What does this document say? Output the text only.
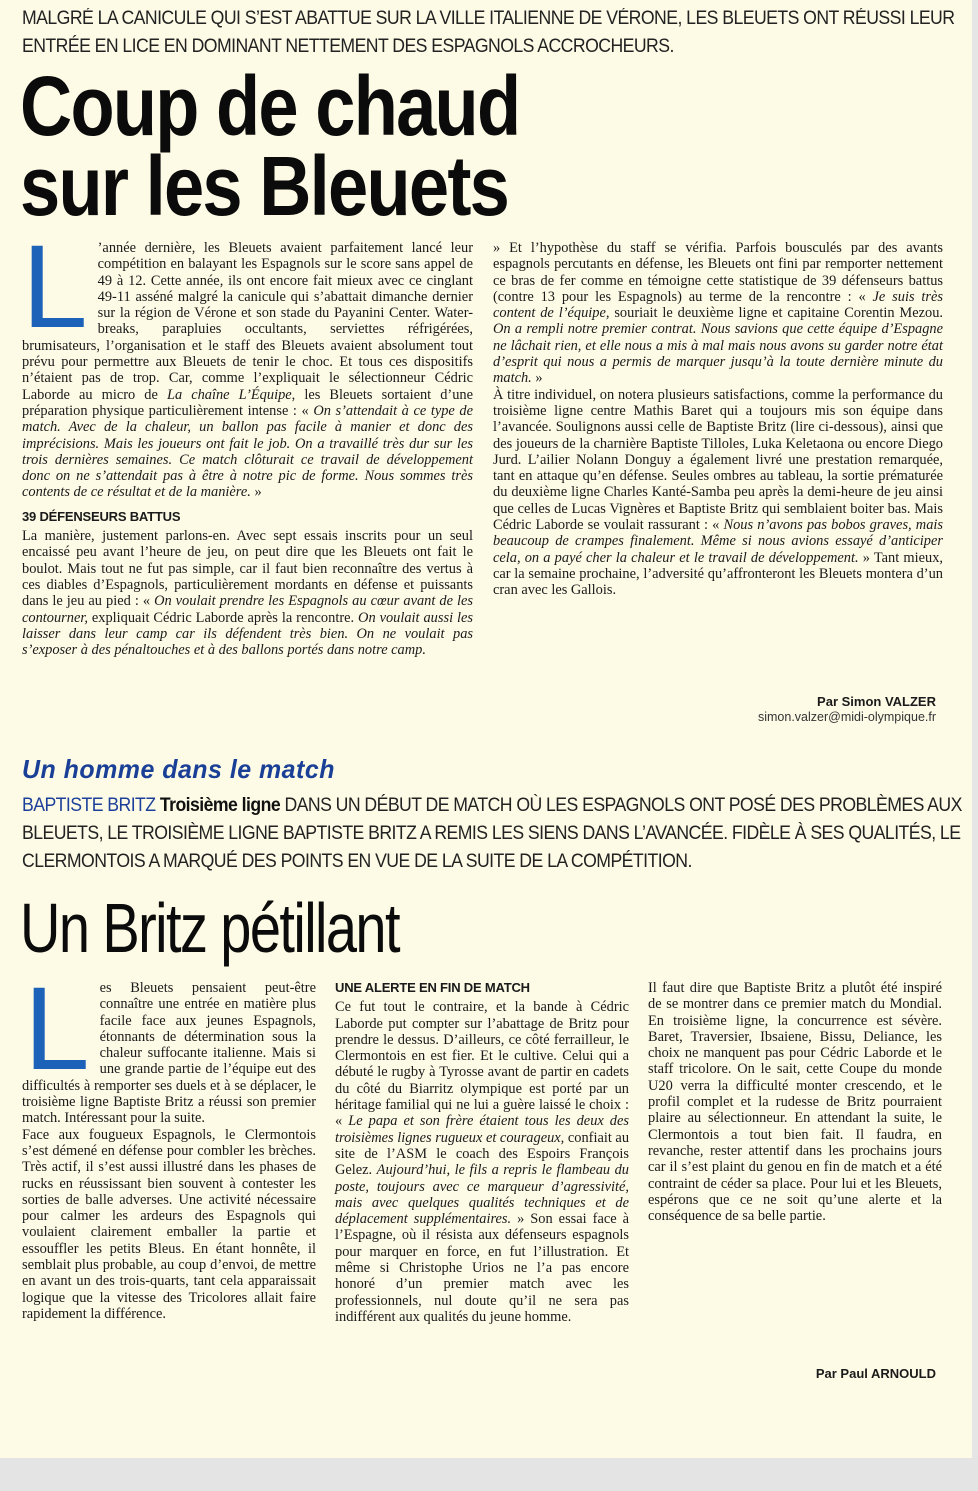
MALGRÉ LA CANICULE QUI S’EST ABATTUE SUR LA VILLE ITALIENNE DE VÉRONE, LES BLEUETS ONT RÉUSSI LEUR
ENTRÉE EN LICE EN DOMINANT NETTEMENT DES ESPAGNOLS ACCROCHEURS.
Coup de chaud
sur les Bleuets

L ’année dernière, les Bleuets avaient parfaitement lancé leur compétition en balayant les Espagnols sur le score sans appel de 49 à 12. Cette année, ils ont encore fait mieux avec ce cinglant 49-11 asséné malgré la canicule qui s’abattait dimanche dernier sur la région de Vérone et son stade du Payanini Center. Water-breaks, parapluies occultants, serviettes réfrigérées, brumisateurs, l’organisation et le staff des Bleuets avaient absolument tout prévu pour permettre aux Bleuets de tenir le choc. Et tous ces dispositifs n’étaient pas de trop. Car, comme l’expliquait le sélectionneur Cédric Laborde au micro de La chaîne L’Équipe, les Bleuets sortaient d’une préparation physique particulièrement intense : « On s’attendait à ce type de match. Avec de la chaleur, un ballon pas facile à manier et donc des imprécisions. Mais les joueurs ont fait le job. On a travaillé très dur sur les trois dernières semaines. Ce match clôturait ce travail de développement donc on ne s’attendait pas à être à notre pic de forme. Nous sommes très contents de ce résultat et de la manière. »

39 DÉFENSEURS BATTUS

La manière, justement parlons-en. Avec sept essais inscrits pour un seul encaissé peu avant l’heure de jeu, on peut dire que les Bleuets ont fait le boulot. Mais tout ne fut pas simple, car il faut bien reconnaître des vertus à ces diables d’Espagnols, particulièrement mordants en défense et puissants dans le jeu au pied : « On voulait prendre les Espagnols au cœur avant de les contourner, expliquait Cédric Laborde après la rencontre. On voulait aussi les laisser dans leur camp car ils défendent très bien. On ne voulait pas s’exposer à des pénaltouches et à des ballons portés dans notre camp.

» Et l’hypothèse du staff se vérifia. Parfois bousculés par des avants espagnols percutants en défense, les Bleuets ont fini par remporter nettement ce bras de fer comme en témoigne cette statistique de 39 défenseurs battus (contre 13 pour les Espagnols) au terme de la rencontre : « Je suis très content de l’équipe, souriait le deuxième ligne et capitaine Corentin Mezou. On a rempli notre premier contrat. Nous savions que cette équipe d’Espagne ne lâchait rien, et elle nous a mis à mal mais nous avons su garder notre état d’esprit qui nous a permis de marquer jusqu’à la toute dernière minute du match. »

À titre individuel, on notera plusieurs satisfactions, comme la performance du troisième ligne centre Mathis Baret qui a toujours mis son équipe dans l’avancée. Soulignons aussi celle de Baptiste Britz (lire ci-dessous), ainsi que des joueurs de la charnière Baptiste Tilloles, Luka Keletaona ou encore Diego Jurd. L’ailier Nolann Donguy a également livré une prestation remarquée, tant en attaque qu’en défense. Seules ombres au tableau, la sortie prématurée du deuxième ligne Charles Kanté-Samba peu après la demi-heure de jeu ainsi que celles de Lucas Vignères et Baptiste Britz qui semblaient boiter bas. Mais Cédric Laborde se voulait rassurant : « Nous n’avons pas bobos graves, mais beaucoup de crampes finalement. Même si nous avions essayé d’anticiper cela, on a payé cher la chaleur et le travail de développement. » Tant mieux, car la semaine prochaine, l’adversité qu’affronteront les Bleuets montera d’un cran avec les Gallois.

Par Simon VALZER
simon.valzer@midi-olympique.fr
Un homme dans le match
BAPTISTE BRITZ Troisième ligne DANS UN DÉBUT DE MATCH OÙ LES ESPAGNOLS ONT POSÉ DES PROBLÈMES AUX
BLEUETS, LE TROISIÈME LIGNE BAPTISTE BRITZ A REMIS LES SIENS DANS L’AVANCÉE. FIDÈLE À SES QUALITÉS, LE
CLERMONTOIS A MARQUÉ DES POINTS EN VUE DE LA SUITE DE LA COMPÉTITION.
Un Britz pétillant

Les Bleuets pensaient peut-être connaître une entrée en matière plus facile face aux jeunes Espagnols, étonnants de détermination sous la chaleur suffocante italienne. Mais si une grande partie de l’équipe eut des difficultés à remporter ses duels et à se déplacer, le troisième ligne Baptiste Britz a réussi son premier match. Intéressant pour la suite.

Face aux fougueux Espagnols, le Clermontois s’est démené en défense pour combler les brèches. Très actif, il s’est aussi illustré dans les phases de rucks en réussissant bien souvent à contester les sorties de balle adverses. Une activité nécessaire pour calmer les ardeurs des Espagnols qui voulaient clairement emballer la partie et essouffler les petits Bleus. En étant honnête, il semblait plus probable, au coup d’envoi, de mettre en avant un des trois-quarts, tant cela apparaissait logique que la vitesse des Tricolores allait faire rapidement la différence.

UNE ALERTE EN FIN DE MATCH

Ce fut tout le contraire, et la bande à Cédric Laborde put compter sur l’abattage de Britz pour prendre le dessus. D’ailleurs, ce côté ferrailleur, le Clermontois en est fier. Et le cultive. Celui qui a débuté le rugby à Tyrosse avant de partir en cadets du côté du Biarritz olympique est porté par un héritage familial qui ne lui a guère laissé le choix : « Le papa et son frère étaient tous les deux des troisièmes lignes rugueux et courageux, confiait au site de l’ASM le coach des Espoirs François Gelez. Aujourd’hui, le fils a repris le flambeau du poste, toujours avec ce marqueur d’agressivité, mais avec quelques qualités techniques et de déplacement supplémentaires. » Son essai face à l’Espagne, où il résista aux défenseurs espagnols pour marquer en force, en fut l’illustration. Et même si Christophe Urios ne l’a pas encore honoré d’un premier match avec les professionnels, nul doute qu’il ne sera pas indifférent aux qualités du jeune homme.

Il faut dire que Baptiste Britz a plutôt été inspiré de se montrer dans ce premier match du Mondial. En troisième ligne, la concurrence est sévère. Baret, Traversier, Ibsaiene, Bissu, Deliance, les choix ne manquent pas pour Cédric Laborde et le staff tricolore. On le sait, cette Coupe du monde U20 verra la difficulté monter crescendo, et le profil complet et la rudesse de Britz pourraient plaire au sélectionneur. En attendant la suite, le Clermontois a tout bien fait. Il faudra, en revanche, rester attentif dans les prochains jours car il s’est plaint du genou en fin de match et a été contraint de céder sa place. Pour lui et les Bleuets, espérons que ce ne soit qu’une alerte et la conséquence de sa belle partie.

Par Paul ARNOULD
